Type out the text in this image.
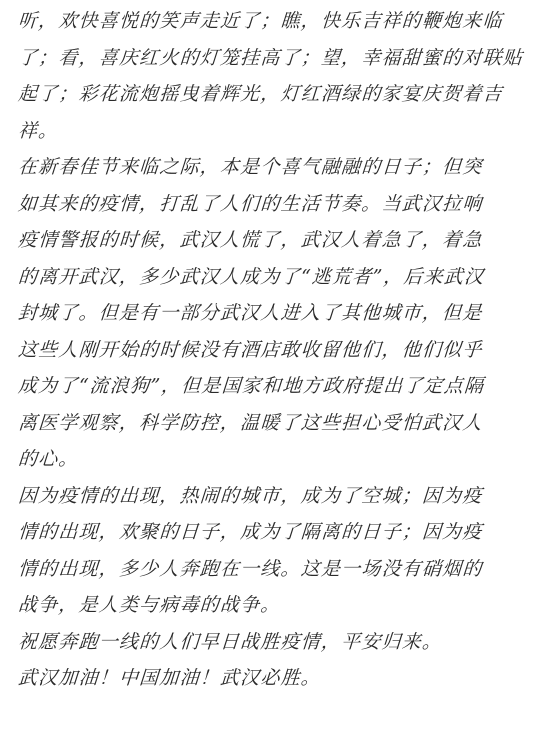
听，欢快喜悦的笑声走近了；瞧，快乐吉祥的鞭炮来临
了；看，喜庆红火的灯笼挂高了；望，幸福甜蜜的对联贴
起了；彩花流炮摇曳着辉光，灯红酒绿的家宴庆贺着吉
祥。
在新春佳节来临之际，本是个喜气融融的日子；但突
如其来的疫情，打乱了人们的生活节奏。当武汉拉响
疫情警报的时候，武汉人慌了，武汉人着急了，着急
的离开武汉，多少武汉人成为了“逃荒者”，后来武汉
封城了。但是有一部分武汉人进入了其他城市，但是
这些人刚开始的时候没有酒店敢收留他们，他们似乎
成为了“流浪狗”，但是国家和地方政府提出了定点隔
离医学观察，科学防控，温暖了这些担心受怕武汉人
的心。
因为疫情的出现，热闹的城市，成为了空城；因为疫
情的出现，欢聚的日子，成为了隔离的日子；因为疫
情的出现，多少人奔跑在一线。这是一场没有硝烟的
战争，是人类与病毒的战争。
祝愿奔跑一线的人们早日战胜疫情，平安归来。
武汉加油！中国加油！武汉必胜。
